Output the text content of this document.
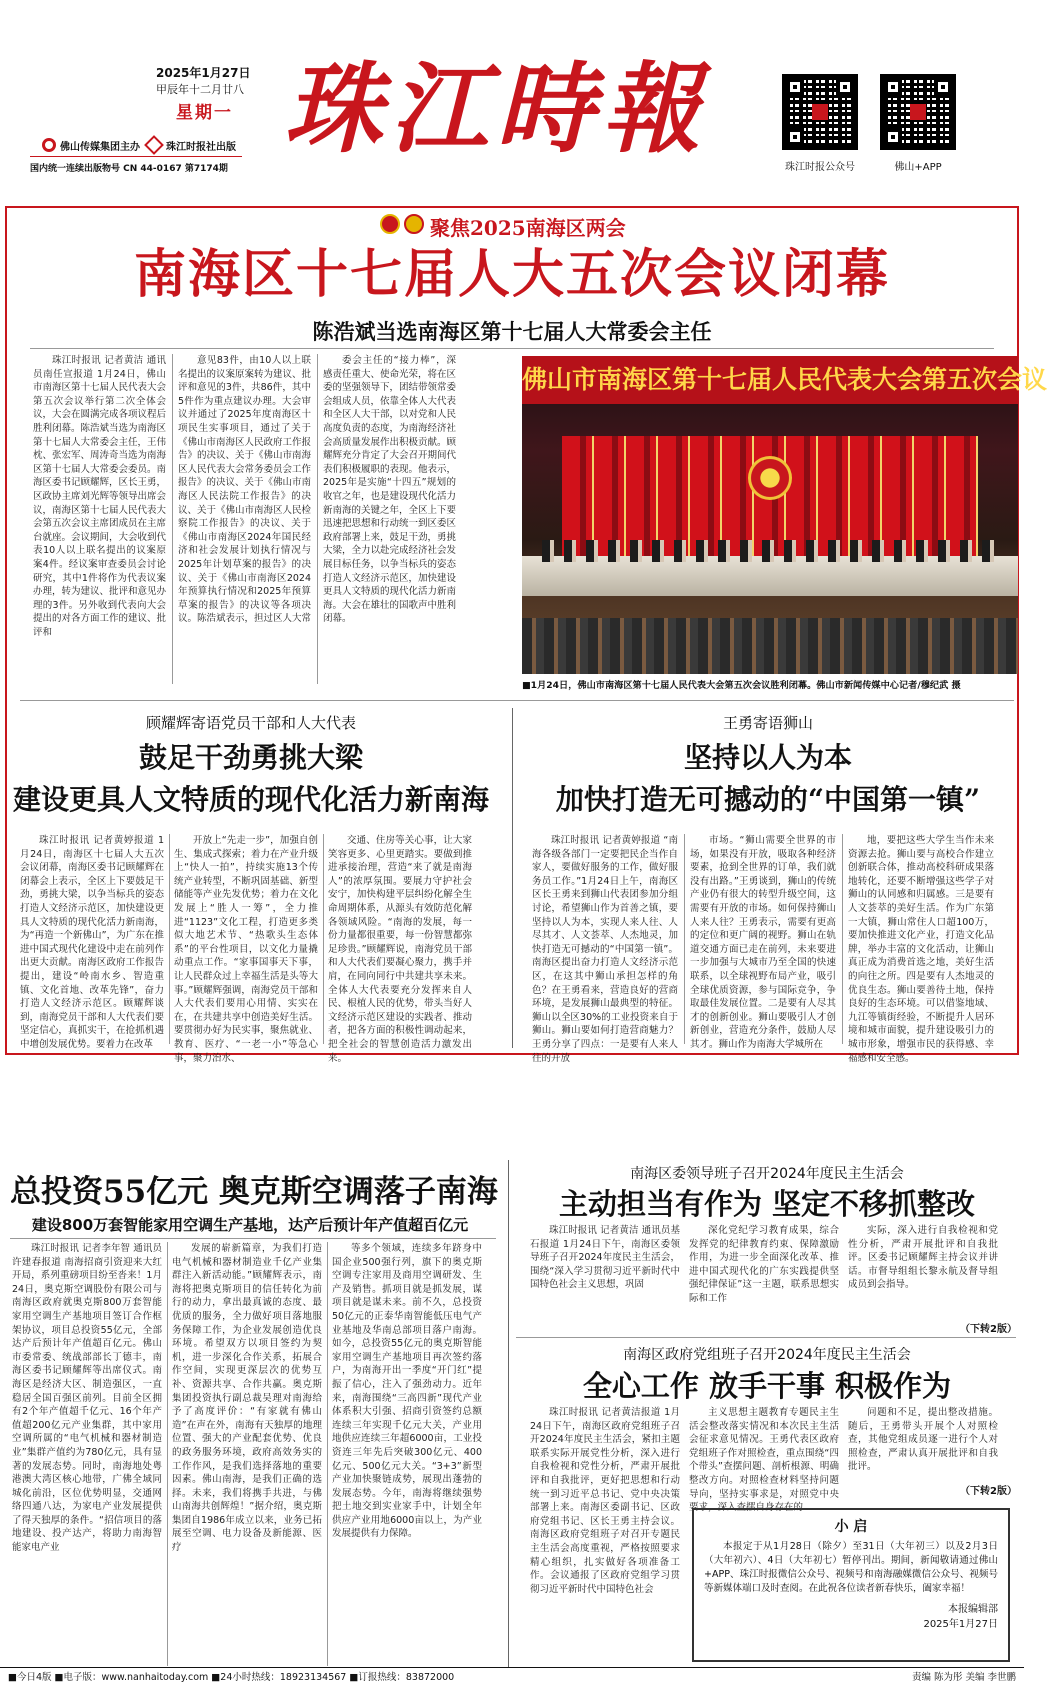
2025年1月27日
甲辰年十二月廿八
星期一
佛山传媒集团主办	珠江时报社出版
国内统一连续出版物号 CN 44-0167 第7174期
珠江時報
珠江时报公众号	佛山+APP
聚焦2025南海区两会
南海区十七届人大五次会议闭幕
陈浩斌当选南海区第十七届人大常委会主任

珠江时报讯 记者黄洁 通讯员南任宣报道 1月24日，佛山市南海区第十七届人民代表大会第五次会议举行第二次全体会议，大会在圆满完成各项议程后胜利闭幕。陈浩斌当选为南海区第十七届人大常委会主任，王伟枕、张宏军、周涛奇当选为南海区第十七届人大常委会委员。南海区委书记顾耀辉，区长王勇，区政协主席刘光辉等领导出席会议，南海区第十七届人民代表大会第五次会议主席团成员在主席台就座。会议期间，大会收到代表10人以上联名提出的议案原案4件。经议案审查委员会讨论研究，其中1件将作为代表议案办理，转为建议、批评和意见办理的3件。另外收到代表向大会提出的对各方面工作的建议、批评和

意见83件，由10人以上联名提出的议案原案转为建议、批评和意见的3件，共86件，其中5件作为重点建议办理。大会审议并通过了2025年度南海区十项民生实事项目，通过了关于《佛山市南海区人民政府工作报告》的决议、关于《佛山市南海区人民代表大会常务委员会工作报告》的决议、关于《佛山市南海区人民法院工作报告》的决议、关于《佛山市南海区人民检察院工作报告》的决议、关于《佛山市南海区2024年国民经济和社会发展计划执行情况与2025年计划草案的报告》的决议、关于《佛山市南海区2024年预算执行情况和2025年预算草案的报告》的决议等各项决议。陈浩斌表示，担过区人大常

委会主任的“接力棒”，深感责任重大、使命光荣，将在区委的坚强领导下，团结带领常委会组成人员，依靠全体人大代表和全区人大干部，以对党和人民高度负责的态度，为南海经济社会高质量发展作出积极贡献。顾耀辉充分肯定了大会召开期间代表们积极履职的表现。他表示，2025年是实施“十四五”规划的收官之年，也是建设现代化活力新南海的关键之年，全区上下要迅速把思想和行动统一到区委区政府部署上来，鼓足干劲，勇挑大梁，全力以赴完成经济社会发展目标任务，以争当标兵的姿态打造人文经济示范区，加快建设更具人文特质的现代化活力新南海。大会在雄壮的国歌声中胜利闭幕。

佛山市南海区第十七届人民代表大会第五次会议
■1月24日，佛山市南海区第十七届人民代表大会第五次会议胜利闭幕。佛山市新闻传媒中心记者/穆纪武 摄
顾耀辉寄语党员干部和人大代表
鼓足干劲勇挑大梁
建设更具人文特质的现代化活力新南海

珠江时报讯 记者黄婷报道 1月24日，南海区十七届人大五次会议闭幕，南海区委书记顾耀辉在闭幕会上表示，全区上下要鼓足干劲，勇挑大梁，以争当标兵的姿态打造人文经济示范区，加快建设更具人文特质的现代化活力新南海，为“再造一个新佛山”，为广东在推进中国式现代化建设中走在前列作出更大贡献。南海区政府工作报告提出，建设“岭南水乡、智造重镇、文化首地、改革先锋”，奋力打造人文经济示范区。顾耀辉谈到，南海党员干部和人大代表们要坚定信心，真抓实干，在抢抓机遇中增创发展优势。要着力在改革

开放上“先走一步”，加强自创生、集成式探索；着力在产业升级上“快人一拍”，持续实施13个传统产业转型，不断巩固基础、新型储能等产业先发优势；着力在文化发展上“胜人一筹”，全力推进“1123”文化工程，打造更多类似大地艺术节、“热歌头生态体系”的平台性项目，以文化力量撬动重点工作。“家事国事天下事，让人民群众过上幸福生活是头等大事。”顾耀辉强调，南海党员干部和人大代表们要用心用情、实实在在，在共建共享中创造美好生活。要贯彻办好为民实事，聚焦就业、教育、医疗、“一老一小”等急心事，聚力治水、

交通、住房等关心事，让大家笑容更多、心里更踏实。要做到推进承接治理，营造“来了就是南海人”的浓厚氛围。要展力守护社会安宁，加快构建平层纠纷化解全生命周期体系，从源头有效防范化解各领域风险。“南海的发展，每一份力量都很重要，每一份智慧都弥足珍贵。”顾耀辉说，南海党员干部和人大代表们要凝心聚力，携手并肩，在同向同行中共建共享未来。全体人大代表要充分发挥来自人民、根植人民的优势，带头当好人文经济示范区建设的实践者、推动者，把各方面的积极性调动起来，把全社会的智慧创造活力激发出来。

王勇寄语狮山
坚持以人为本
加快打造无可撼动的“中国第一镇”

珠江时报讯 记者黄婷报道 “南海各级各部门一定要把民企当作自家人，要做好服务的工作，做好服务员工作。”1月24日上午，南海区区长王勇来到狮山代表团参加分组讨论，希望狮山作为首善之镇，要坚持以人为本，实现人来人往、人尽其才、人文荟萃、人杰地灵，加快打造无可撼动的“中国第一镇”。南海区提出奋力打造人文经济示范区，在这其中狮山承担怎样的角色？在王勇看来，营造良好的营商环境，是发展狮山最典型的特征。狮山以全区30%的工业投资来自于狮山。狮山要如何打造营商魅力？王勇分享了四点：一是要有人来人往的开放

市场。“狮山需要全世界的市场，如果没有开放，吸取各种经济要素，抢到全世界的订单，我们就没有出路。”王勇谈到，狮山的传统产业仍有很大的转型升级空间，这需要有开放的市场。如何保持狮山人来人往？王勇表示，需要有更高的定位和更广阔的视野。狮山在轨道交通方面已走在前列，未来要进一步加强与大城市乃至全国的快速联系，以全球视野布局产业，吸引全球优质资源，参与国际竞争，争取最佳发展位置。二是要有人尽其才的创新创业。狮山要吸引人才创新创业，营造充分条件，鼓励人尽其才。狮山作为南海大学城所在

地，要把这些大学生当作未来资源去抢。狮山要与高校合作建立创新联合体，推动高校科研成果落地转化，还要不断增强这些学子对狮山的认同感和归属感。三是要有人文荟萃的美好生活。作为广东第一大镇，狮山常住人口超100万，要加快推进文化产业，打造文化品牌，举办丰富的文化活动，让狮山真正成为消费首选之地，美好生活的向往之所。四是要有人杰地灵的优良生态。狮山要善待土地，保持良好的生态环境。可以借鉴地域、九江等镇街经验，不断提升人居环境和城市面貌，提升建设吸引力的城市形象，增强市民的获得感、幸福感和安全感。

总投资55亿元 奥克斯空调落子南海
建设800万套智能家用空调生产基地，达产后预计年产值超百亿元

珠江时报讯 记者李年智 通讯员许建春报道 南海招商引资迎来大红开局，系列重磅项目纷至沓来！1月24日，奥克斯空调股份有限公司与南海区政府就奥克斯800万套智能家用空调生产基地项目签订合作框架协议，项目总投资55亿元，全部达产后预计年产值超百亿元。佛山市委常委、统战部部长丁德丰，南海区委书记顾耀辉等出席仪式。南海区是经济大区、制造强区，一直稳居全国百强区前列。目前全区拥有2个年产值超千亿元、16个年产值超200亿元产业集群，其中家用空调所属的“电气机械和器材制造业”集群产值约为780亿元，具有显著的发展态势。同时，南海地处粤港澳大湾区核心地带，广佛全域同城化前沿，区位优势明显，交通网络四通八达，为家电产业发展提供了得天独厚的条件。“招信项目的落地建设、投产达产，将助力南海智能家电产业

发展的崭新篇章，为我们打造电气机械和器材制造业千亿产业集群注入新活动能。”顾耀辉表示，南海将把奥克斯项目的信任转化为前行的动力，拿出最真诚的态度、最优质的服务，全力做好项目落地服务保障工作，为企业发展创造优良环境。希望双方以项目签约为契机，进一步深化合作关系，拓展合作空间，实现更深层次的优势互补、资源共享、合作共赢。奥克斯集团投资执行副总裁吴理对南海给予了高度评价：“有家就有佛山造”在声在外，南海有天独厚的地理位置、强大的产业配套优势、优良的政务服务环境，政府高效务实的工作作风，是我们选择落地的重要因素。佛山南海，是我们正确的选择。未来，我们将携手共进，与佛山南海共创辉煌！”据介绍，奥克斯集团自1986年成立以来，业务已拓展至空调、电力设备及新能源、医疗

等多个领域，连续多年跻身中国企业500强行列，旗下的奥克斯空调专注家用及商用空调研发、生产及销售。抓项目就是抓发展，谋项目就是谋未来。前不久，总投资50亿元的正泰华南智能低压电气产业基地及华南总部项目落户南海。如今，总投资55亿元的奥克斯智能家用空调生产基地项目再次签约落户，为南海开出一季度“开门红”提振了信心，注入了强劲动力。近年来，南海围绕“三高四新”现代产业体系积大引强、招商引资签约总额连续三年实现千亿元大关，产业用地供应连续三年超6000亩，工业投资连三年先后突破300亿元、400亿元、500亿元大关。“3+3”新型产业加快聚链成势，展现出蓬勃的发展态势。今年，南海将继续强势把土地交到实业家手中，计划全年供应产业用地6000亩以上，为产业发展提供有力保障。

南海区委领导班子召开2024年度民主生活会
主动担当有作为 坚定不移抓整改

珠江时报讯 记者黄洁 通讯员基石报道 1月24日下午，南海区委领导班子召开2024年度民主生活会，围绕“深入学习贯彻习近平新时代中国特色社会主义思想，巩固

深化党纪学习教育成果，综合发挥党的纪律教育约束、保障激励作用，为进一步全面深化改革、推进中国式现代化的广东实践提供坚强纪律保证”这一主题，联系思想实际和工作

实际，深入进行自我检视和党性分析，严肃开展批评和自我批评。区委书记顾耀辉主持会议并讲话。市督导组组长黎永航及督导组成员到会指导。

（下转2版）
南海区政府党组班子召开2024年度民主生活会
全心工作 放手干事 积极作为

珠江时报讯 记者黄洁报道 1月24日下午，南海区政府党组班子召开2024年度民主生活会，紧扣主题联系实际开展党性分析，深入进行自我检视和党性分析，严肃开展批评和自我批评，更好把思想和行动统一到习近平总书记、党中央决策部署上来。南海区委副书记、区政府党组书记、区长王勇主持会议。南海区政府党组班子对召开专题民主生活会高度重视，严格按照要求精心组织，扎实做好各项准备工作。会议通报了区政府党组学习贯彻习近平新时代中国特色社会

主义思想主题教育专题民主生活会整改落实情况和本次民主生活会征求意见情况。王勇代表区政府党组班子作对照检查，重点围绕“四个带头”查摆问题、剖析根源、明确整改方向。对照检查材料坚持问题导向，坚持实事求是，对照党中央要求，深入查摆自身存在的

问题和不足，提出整改措施。随后，王勇带头开展个人对照检查，其他党组成员逐一进行个人对照检查，严肃认真开展批评和自我批评。

（下转2版）
小 启
本报定于从1月28日（除夕）至31日（大年初三）以及2月3日（大年初六）、4日（大年初七）暂停刊出。期间，新闻敬请通过佛山+APP、珠江时报微信公众号、视频号和南海融媒微信公众号、视频号等新媒体端口及时查阅。在此祝各位读者新春快乐，阖家幸福！
本报编辑部
2025年1月27日
■今日4版 ■电子版：www.nanhaitoday.com ■24小时热线：18923134567 ■订报热线：83872000	责编 陈为彤 美编 李世鹏
